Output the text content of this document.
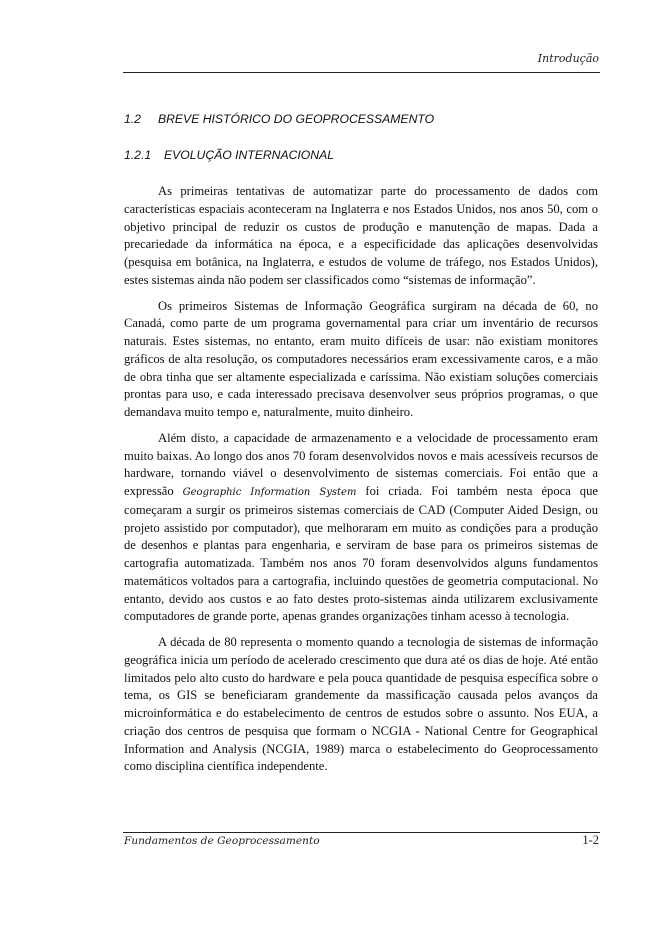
Introdução
1.2 BREVE HISTÓRICO DO GEOPROCESSAMENTO
1.2.1 EVOLUÇÃO INTERNACIONAL

As primeiras tentativas de automatizar parte do processamento de dados com características espaciais aconteceram na Inglaterra e nos Estados Unidos, nos anos 50, com o objetivo principal de reduzir os custos de produção e manutenção de mapas. Dada a precariedade da informática na época, e a especificidade das aplicações desenvolvidas (pesquisa em botânica, na Inglaterra, e estudos de volume de tráfego, nos Estados Unidos), estes sistemas ainda não podem ser classificados como “sistemas de informação”.

Os primeiros Sistemas de Informação Geográfica surgiram na década de 60, no Canadá, como parte de um programa governamental para criar um inventário de recursos naturais. Estes sistemas, no entanto, eram muito difíceis de usar: não existiam monitores gráficos de alta resolução, os computadores necessários eram excessivamente caros, e a mão de obra tinha que ser altamente especializada e caríssima. Não existiam soluções comerciais prontas para uso, e cada interessado precisava desenvolver seus próprios programas, o que demandava muito tempo e, naturalmente, muito dinheiro.

Além disto, a capacidade de armazenamento e a velocidade de processamento eram muito baixas. Ao longo dos anos 70 foram desenvolvidos novos e mais acessíveis recursos de hardware, tornando viável o desenvolvimento de sistemas comerciais. Foi então que a expressão Geographic Information System foi criada. Foi também nesta época que começaram a surgir os primeiros sistemas comerciais de CAD (Computer Aided Design, ou projeto assistido por computador), que melhoraram em muito as condições para a produção de desenhos e plantas para engenharia, e serviram de base para os primeiros sistemas de cartografia automatizada. Também nos anos 70 foram desenvolvidos alguns fundamentos matemáticos voltados para a cartografia, incluindo questões de geometria computacional. No entanto, devido aos custos e ao fato destes proto-sistemas ainda utilizarem exclusivamente computadores de grande porte, apenas grandes organizações tinham acesso à tecnologia.

A década de 80 representa o momento quando a tecnologia de sistemas de informação geográfica inicia um período de acelerado crescimento que dura até os dias de hoje. Até então limitados pelo alto custo do hardware e pela pouca quantidade de pesquisa específica sobre o tema, os GIS se beneficiaram grandemente da massificação causada pelos avanços da microinformática e do estabelecimento de centros de estudos sobre o assunto. Nos EUA, a criação dos centros de pesquisa que formam o NCGIA - National Centre for Geographical Information and Analysis (NCGIA, 1989) marca o estabelecimento do Geoprocessamento como disciplina científica independente.

Fundamentos de Geoprocessamento	1-2
